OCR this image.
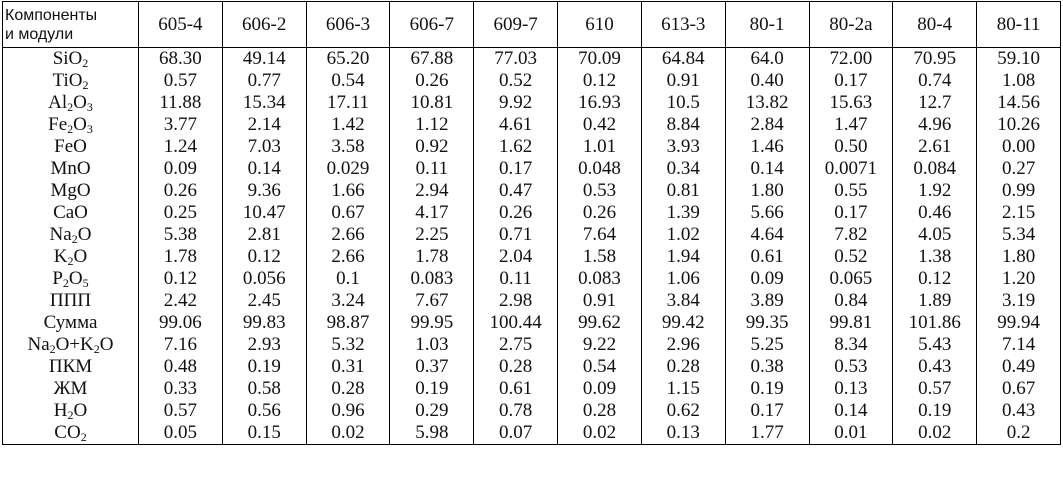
Компоненты
и модули	605-4	606-2	606-3	606-7	609-7	610	613-3	80-1	80-2a	80-4	80-11
SiO$_2$	68.30	49.14	65.20	67.88	77.03	70.09	64.84	64.0	72.00	70.95	59.10
TiO$_2$	0.57	0.77	0.54	0.26	0.52	0.12	0.91	0.40	0.17	0.74	1.08
$Al_2O_3$	11.88	15.34	17.11	10.81	9.92	16.93	10.5	13.82	15.63	12.7	14.56
$Fe_2O_3$	3.77	2.14	1.42	1.12	4.61	0.42	8.84	2.84	1.47	4.96	10.26
FeO	1.24	7.03	3.58	0.92	1.62	1.01	3.93	1.46	0.50	2.61	0.00
MnO	0.09	0.14	0.029	0.11	0.17	0.048	0.34	0.14	0.0071	0.084	0.27
MgO	0.26	9.36	1.66	2.94	0.47	0.53	0.81	1.80	0.55	1.92	0.99
CaO	0.25	10.47	0.67	4.17	0.26	0.26	1.39	5.66	0.17	0.46	2.15
$Na_2O$	5.38	2.81	2.66	2.25	0.71	7.64	1.02	4.64	7.82	4.05	5.34
$K_2O$	1.78	0.12	2.66	1.78	2.04	1.58	1.94	0.61	0.52	1.38	1.80
$P_2O_5$	0.12	0.056	0.1	0.083	0.11	0.083	1.06	0.09	0.065	0.12	1.20
ППП	2.42	2.45	3.24	7.67	2.98	0.91	3.84	3.89	0.84	1.89	3.19
Сумма	99.06	99.83	98.87	99.95	100.44	99.62	99.42	99.35	99.81	101.86	99.94
$Na_2O+K_2O$	7.16	2.93	5.32	1.03	2.75	9.22	2.96	5.25	8.34	5.43	7.14
ПКМ	0.48	0.19	0.31	0.37	0.28	0.54	0.28	0.38	0.53	0.43	0.49
ЖМ	0.33	0.58	0.28	0.19	0.61	0.09	1.15	0.19	0.13	0.57	0.67
$H_2O$	0.57	0.56	0.96	0.29	0.78	0.28	0.62	0.17	0.14	0.19	0.43
$CO_2$	0.05	0.15	0.02	5.98	0.07	0.02	0.13	1.77	0.01	0.02	0.2
